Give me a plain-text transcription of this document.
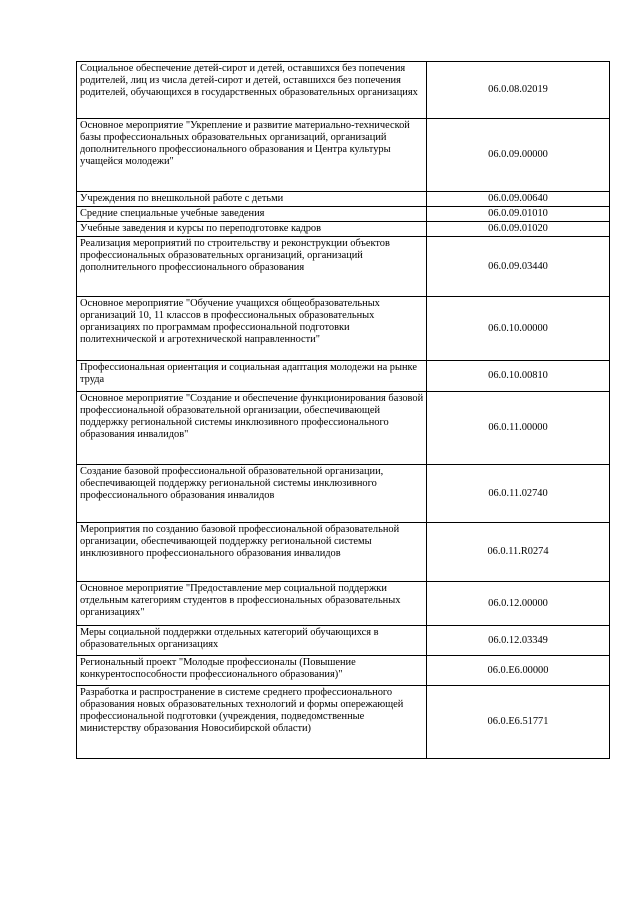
Социальное обеспечение детей-сирот и детей, оставшихся без попечения родителей, лиц из числа детей-сирот и детей, оставшихся без попечения родителей, обучающихся в государственных образовательных организациях	06.0.08.02019
Основное мероприятие "Укрепление и развитие материально-технической базы профессиональных образовательных организаций, организаций дополнительного профессионального образования и Центра культуры учащейся молодежи"	06.0.09.00000
Учреждения по внешкольной работе с детьми	06.0.09.00640
Средние специальные учебные заведения	06.0.09.01010
Учебные заведения и курсы по переподготовке кадров	06.0.09.01020
Реализация мероприятий по строительству и реконструкции объектов профессиональных образовательных организаций, организаций дополнительного профессионального образования	06.0.09.03440
Основное мероприятие "Обучение учащихся общеобразовательных организаций 10, 11 классов в профессиональных образовательных организациях по программам профессиональной подготовки политехнической и агротехнической направленности"	06.0.10.00000
Профессиональная ориентация и социальная адаптация молодежи на рынке труда	06.0.10.00810
Основное мероприятие "Создание и обеспечение функционирования базовой профессиональной образовательной организации, обеспечивающей поддержку региональной системы инклюзивного профессионального образования инвалидов"	06.0.11.00000
Создание базовой профессиональной образовательной организации, обеспечивающей поддержку региональной системы инклюзивного профессионального образования инвалидов	06.0.11.02740
Мероприятия по созданию базовой профессиональной образовательной организации, обеспечивающей поддержку региональной системы инклюзивного профессионального образования инвалидов	06.0.11.R0274
Основное мероприятие "Предоставление мер социальной поддержки отдельным категориям студентов в профессиональных образовательных организациях"	06.0.12.00000
Меры социальной поддержки отдельных категорий обучающихся в образовательных организациях	06.0.12.03349
Региональный проект "Молодые профессионалы (Повышение конкурентоспособности профессионального образования)"	06.0.E6.00000
Разработка и распространение в системе среднего профессионального образования новых образовательных технологий и формы опережающей профессиональной подготовки (учреждения, подведомственные министерству образования Новосибирской области)	06.0.E6.51771
